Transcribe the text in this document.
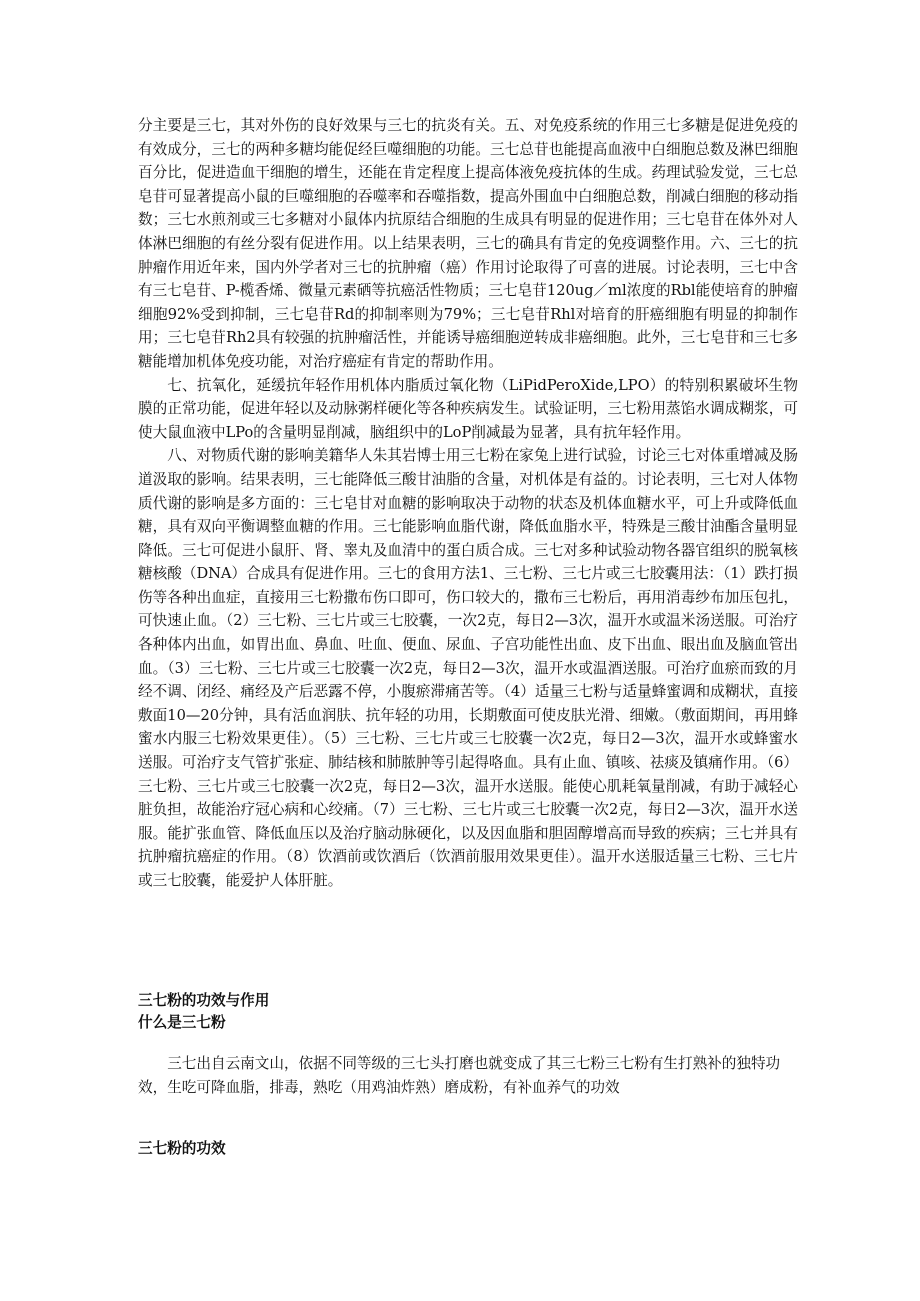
分主要是三七，其对外伤的良好效果与三七的抗炎有关。五、对免疫系统的作用三七多糖是促进免疫的有效成分，三七的两种多糖均能促经巨噬细胞的功能。三七总苷也能提高血液中白细胞总数及淋巴细胞百分比，促进造血干细胞的增生，还能在肯定程度上提高体液免疫抗体的生成。药理试验发觉，三七总皂苷可显著提高小鼠的巨噬细胞的吞噬率和吞噬指数，提高外围血中白细胞总数，削减白细胞的移动指数；三七水煎剂或三七多糖对小鼠体内抗原结合细胞的生成具有明显的促进作用；三七皂苷在体外对人体淋巴细胞的有丝分裂有促进作用。以上结果表明，三七的确具有肯定的免疫调整作用。六、三七的抗肿瘤作用近年来，国内外学者对三七的抗肿瘤（癌）作用讨论取得了可喜的进展。讨论表明，三七中含有三七皂苷、P-榄香烯、微量元素硒等抗癌活性物质；三七皂苷120ug／ml浓度的Rbl能使培育的肿瘤细胞92%受到抑制，三七皂苷Rd的抑制率则为79%；三七皂苷Rhl对培育的肝癌细胞有明显的抑制作用；三七皂苷Rh2具有较强的抗肿瘤活性，并能诱导癌细胞逆转成非癌细胞。此外，三七皂苷和三七多糖能增加机体免疫功能，对治疗癌症有肯定的帮助作用。

七、抗氧化，延缓抗年轻作用机体内脂质过氧化物（LiPidPeroXide,LPO）的特别积累破坏生物膜的正常功能，促进年轻以及动脉粥样硬化等各种疾病发生。试验证明，三七粉用蒸馅水调成糊浆，可使大鼠血液中LPo的含量明显削减，脑组织中的LoP削减最为显著，具有抗年轻作用。

八、对物质代谢的影响美籍华人朱其岩博士用三七粉在家兔上进行试验，讨论三七对体重增减及肠道汲取的影响。结果表明，三七能降低三酸甘油脂的含量，对机体是有益的。讨论表明，三七对人体物质代谢的影响是多方面的：三七皂甘对血糖的影响取决于动物的状态及机体血糖水平，可上升或降低血糖，具有双向平衡调整血糖的作用。三七能影响血脂代谢，降低血脂水平，特殊是三酸甘油酯含量明显降低。三七可促进小鼠肝、肾、睾丸及血清中的蛋白质合成。三七对多种试验动物各器官组织的脱氧核糖核酸（DNA）合成具有促进作用。三七的食用方法1、三七粉、三七片或三七胶囊用法：（1）跌打损伤等各种出血症，直接用三七粉撒布伤口即可，伤口较大的，撒布三七粉后，再用消毒纱布加压包扎，可快速止血。（2）三七粉、三七片或三七胶囊，一次2克，每日2—3次，温开水或温米汤送服。可治疗各种体内出血，如胃出血、鼻血、吐血、便血、尿血、子宫功能性出血、皮下出血、眼出血及脑血管出血。（3）三七粉、三七片或三七胶囊一次2克，每日2—3次，温开水或温酒送服。可治疗血瘀而致的月经不调、闭经、痛经及产后恶露不停，小腹瘀滞痛苦等。（4）适量三七粉与适量蜂蜜调和成糊状，直接敷面10—20分钟，具有活血润肤、抗年轻的功用，长期敷面可使皮肤光滑、细嫩。（敷面期间，再用蜂蜜水内服三七粉效果更佳）。（5）三七粉、三七片或三七胶囊一次2克，每日2—3次，温开水或蜂蜜水送服。可治疗支气管扩张症、肺结核和肺脓肿等引起得咯血。具有止血、镇咳、祛痰及镇痛作用。（6）三七粉、三七片或三七胶囊一次2克，每日2—3次，温开水送服。能使心肌耗氧量削减，有助于减轻心脏负担，故能治疗冠心病和心绞痛。（7）三七粉、三七片或三七胶囊一次2克，每日2—3次，温开水送服。能扩张血管、降低血压以及治疗脑动脉硬化，以及因血脂和胆固醇增高而导致的疾病；三七并具有抗肿瘤抗癌症的作用。（8）饮酒前或饮酒后（饮酒前服用效果更佳）。温开水送服适量三七粉、三七片或三七胶囊，能爱护人体肝脏。

三七粉的功效与作用
什么是三七粉

三七出自云南文山，依据不同等级的三七头打磨也就变成了其三七粉三七粉有生打熟补的独特功效，生吃可降血脂，排毒，熟吃（用鸡油炸熟）磨成粉，有补血养气的功效

三七粉的功效
